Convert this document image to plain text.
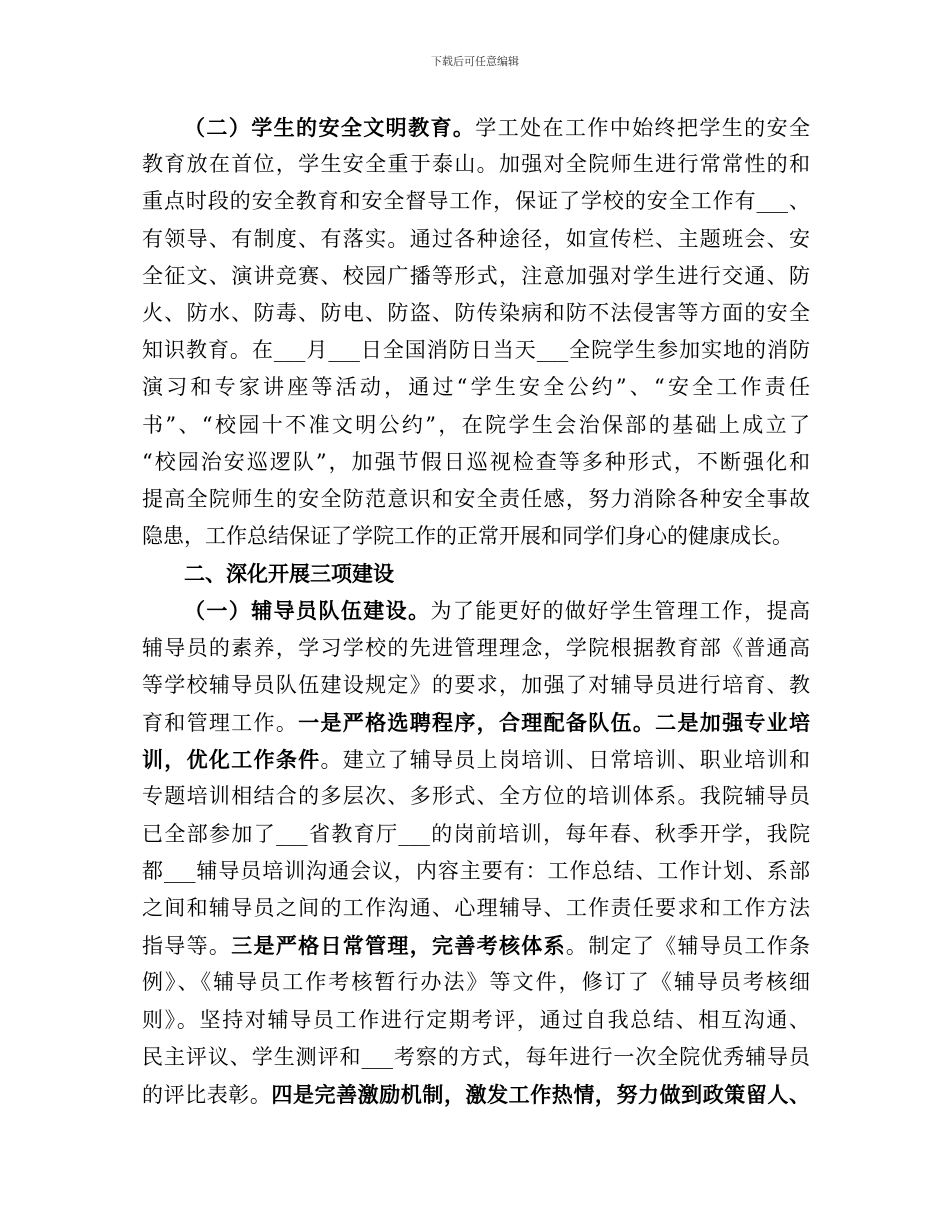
下载后可任意编辑
（二）学生的安全文明教育。学工处在工作中始终把学生的安全
教育放在首位，学生安全重于泰山。加强对全院师生进行常常性的和
重点时段的安全教育和安全督导工作，保证了学校的安全工作有___、
有领导、有制度、有落实。通过各种途径，如宣传栏、主题班会、安
全征文、演讲竞赛、校园广播等形式，注意加强对学生进行交通、防
火、防水、防毒、防电、防盗、防传染病和防不法侵害等方面的安全
知识教育。在___月___日全国消防日当天___全院学生参加实地的消防
演习和专家讲座等活动，通过“学生安全公约”、“安全工作责任
书”、“校园十不准文明公约”，在院学生会治保部的基础上成立了
“校园治安巡逻队”，加强节假日巡视检查等多种形式，不断强化和
提高全院师生的安全防范意识和安全责任感，努力消除各种安全事故
隐患，工作总结保证了学院工作的正常开展和同学们身心的健康成长。
二、深化开展三项建设
（一）辅导员队伍建设。为了能更好的做好学生管理工作，提高
辅导员的素养，学习学校的先进管理理念，学院根据教育部《普通高
等学校辅导员队伍建设规定》的要求，加强了对辅导员进行培育、教
育和管理工作。一是严格选聘程序，合理配备队伍。二是加强专业培
训，优化工作条件。建立了辅导员上岗培训、日常培训、职业培训和
专题培训相结合的多层次、多形式、全方位的培训体系。我院辅导员
已全部参加了___省教育厅___的岗前培训，每年春、秋季开学，我院
都___辅导员培训沟通会议，内容主要有：工作总结、工作计划、系部
之间和辅导员之间的工作沟通、心理辅导、工作责任要求和工作方法
指导等。三是严格日常管理，完善考核体系。制定了《辅导员工作条
例》、《辅导员工作考核暂行办法》等文件，修订了《辅导员考核细
则》。坚持对辅导员工作进行定期考评，通过自我总结、相互沟通、
民主评议、学生测评和___考察的方式，每年进行一次全院优秀辅导员
的评比表彰。四是完善激励机制，激发工作热情，努力做到政策留人、
